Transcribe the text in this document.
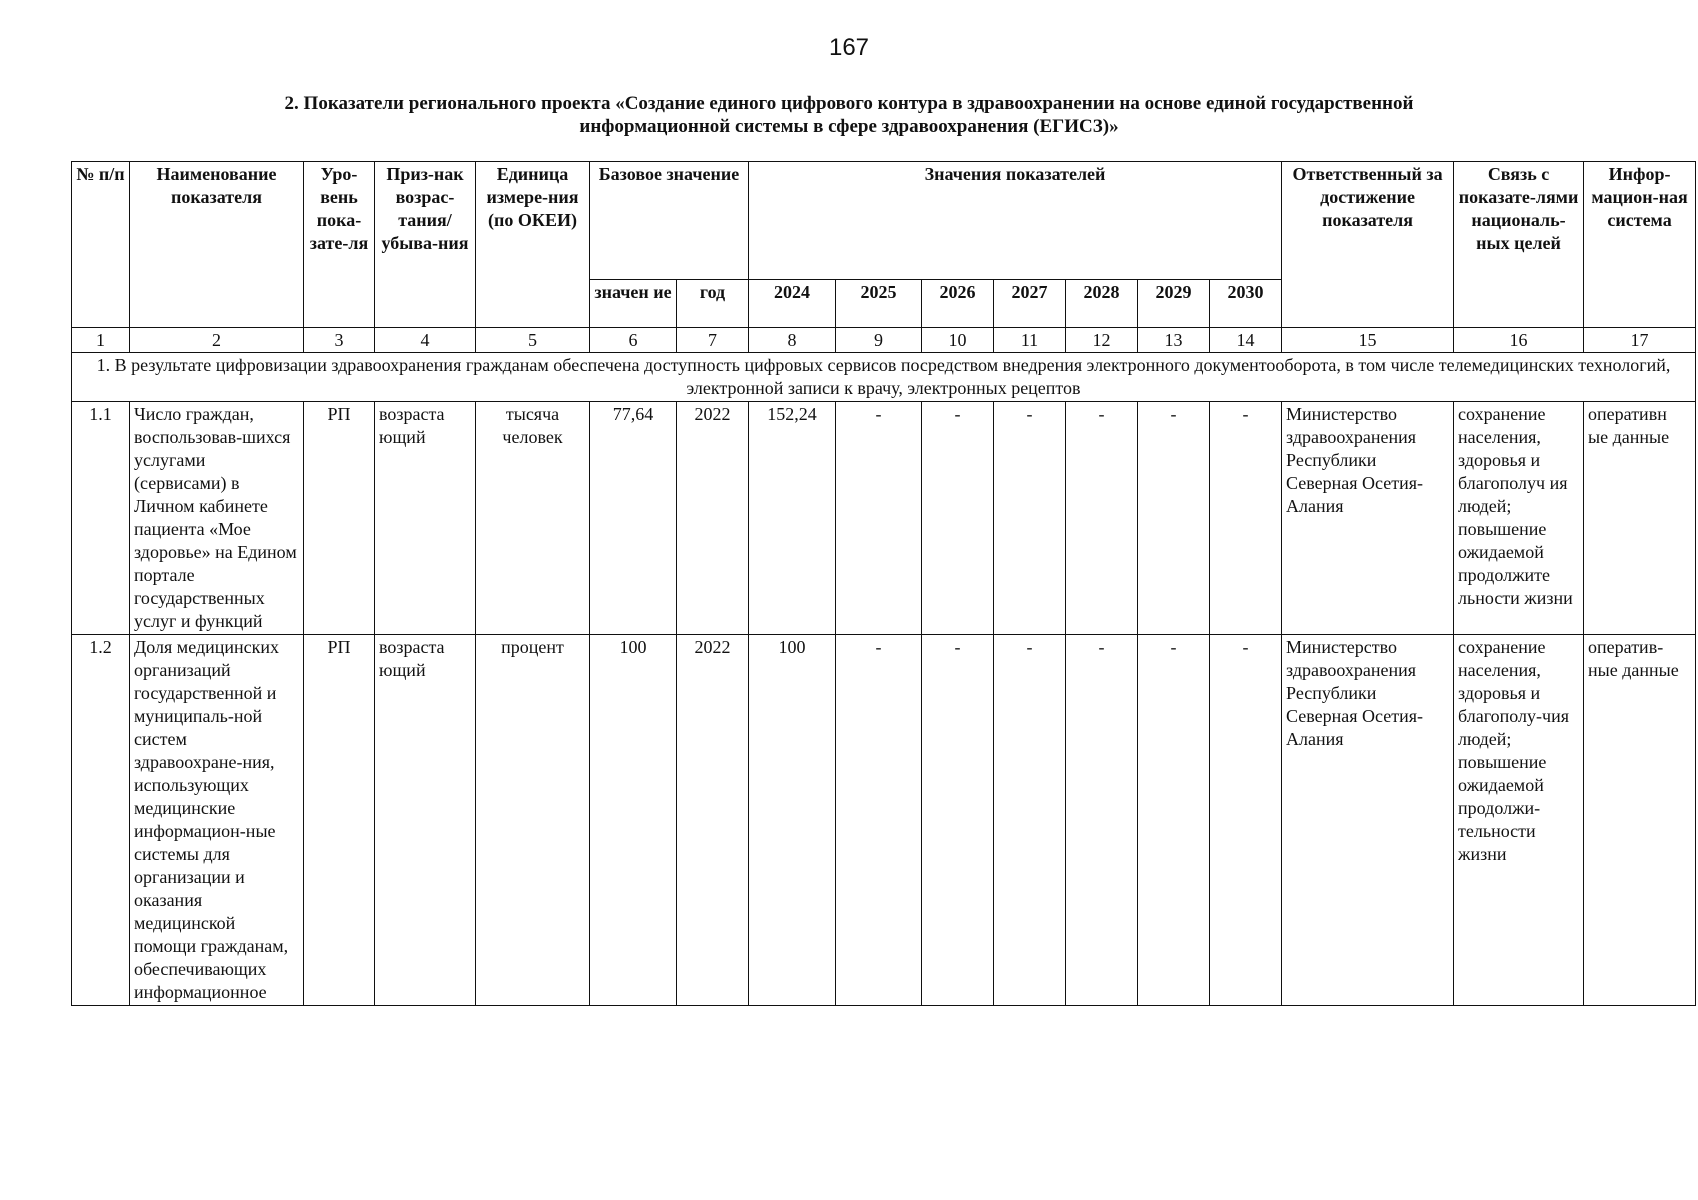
167
2. Показатели регионального проекта «Создание единого цифрового контура в здравоохранении на основе единой государственной
информационной системы в сфере здравоохранения (ЕГИСЗ)»
№ п/п	Наименование показателя	Уро-вень пока-зате-ля	Приз-нак возрас-тания/ убыва-ния	Единица измере-ния (по ОКЕИ)	Базовое значение		Значения показателей							Ответственный за достижение показателя	Связь с показате-лями националь-ных целей	Инфор-мацион-ная система
					значен ие	год	2024	2025	2026	2027	2028	2029	2030			
1	2	3	4	5	6	7	8	9	10	11	12	13	14	15	16	17
1. В результате цифровизации здравоохранения гражданам обеспечена доступность цифровых сервисов посредством внедрения электронного документооборота, в том числе телемедицинских технологий, электронной записи к врачу, электронных рецептов																
1.1	Число граждан, воспользовав-шихся услугами (сервисами) в Личном кабинете пациента «Мое здоровье» на Едином портале государственных услуг и функций	РП	возраста ющий	тысяча человек	77,64	2022	152,24	-	-	-	-	-	-	Министерство здравоохранения Республики Северная Осетия-Алания	сохранение населения, здоровья и благополуч ия людей; повышение ожидаемой продолжите льности жизни	оперативн ые данные
1.2	Доля медицинских организаций государственной и муниципаль-ной систем здравоохране-ния, использующих медицинские информацион-ные системы для организации и оказания медицинской помощи гражданам, обеспечивающих информационное	РП	возраста ющий	процент	100	2022	100	-	-	-	-	-	-	Министерство здравоохранения Республики Северная Осетия-Алания	сохранение населения, здоровья и благополу-чия людей; повышение ожидаемой продолжи-тельности жизни	оператив-ные данные
